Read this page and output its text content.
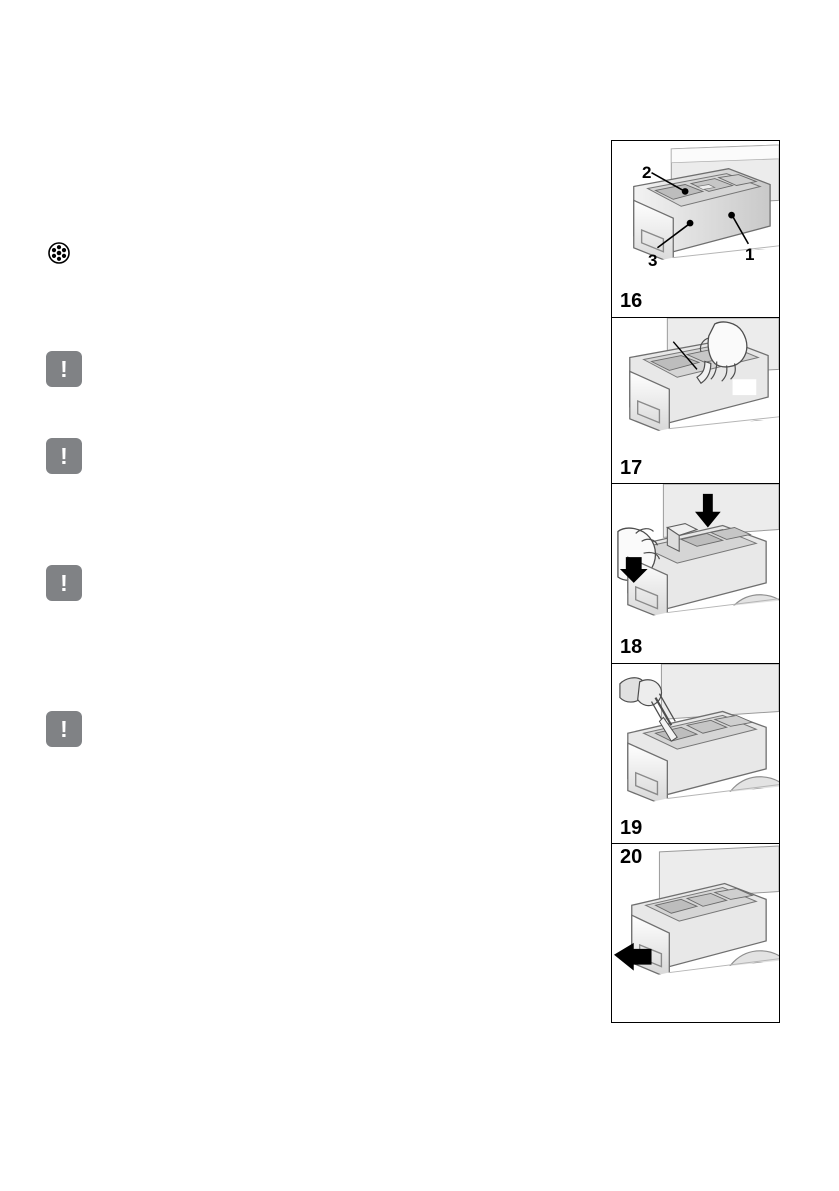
!
!
!
!
2
3	1
16
17
18
19
20
